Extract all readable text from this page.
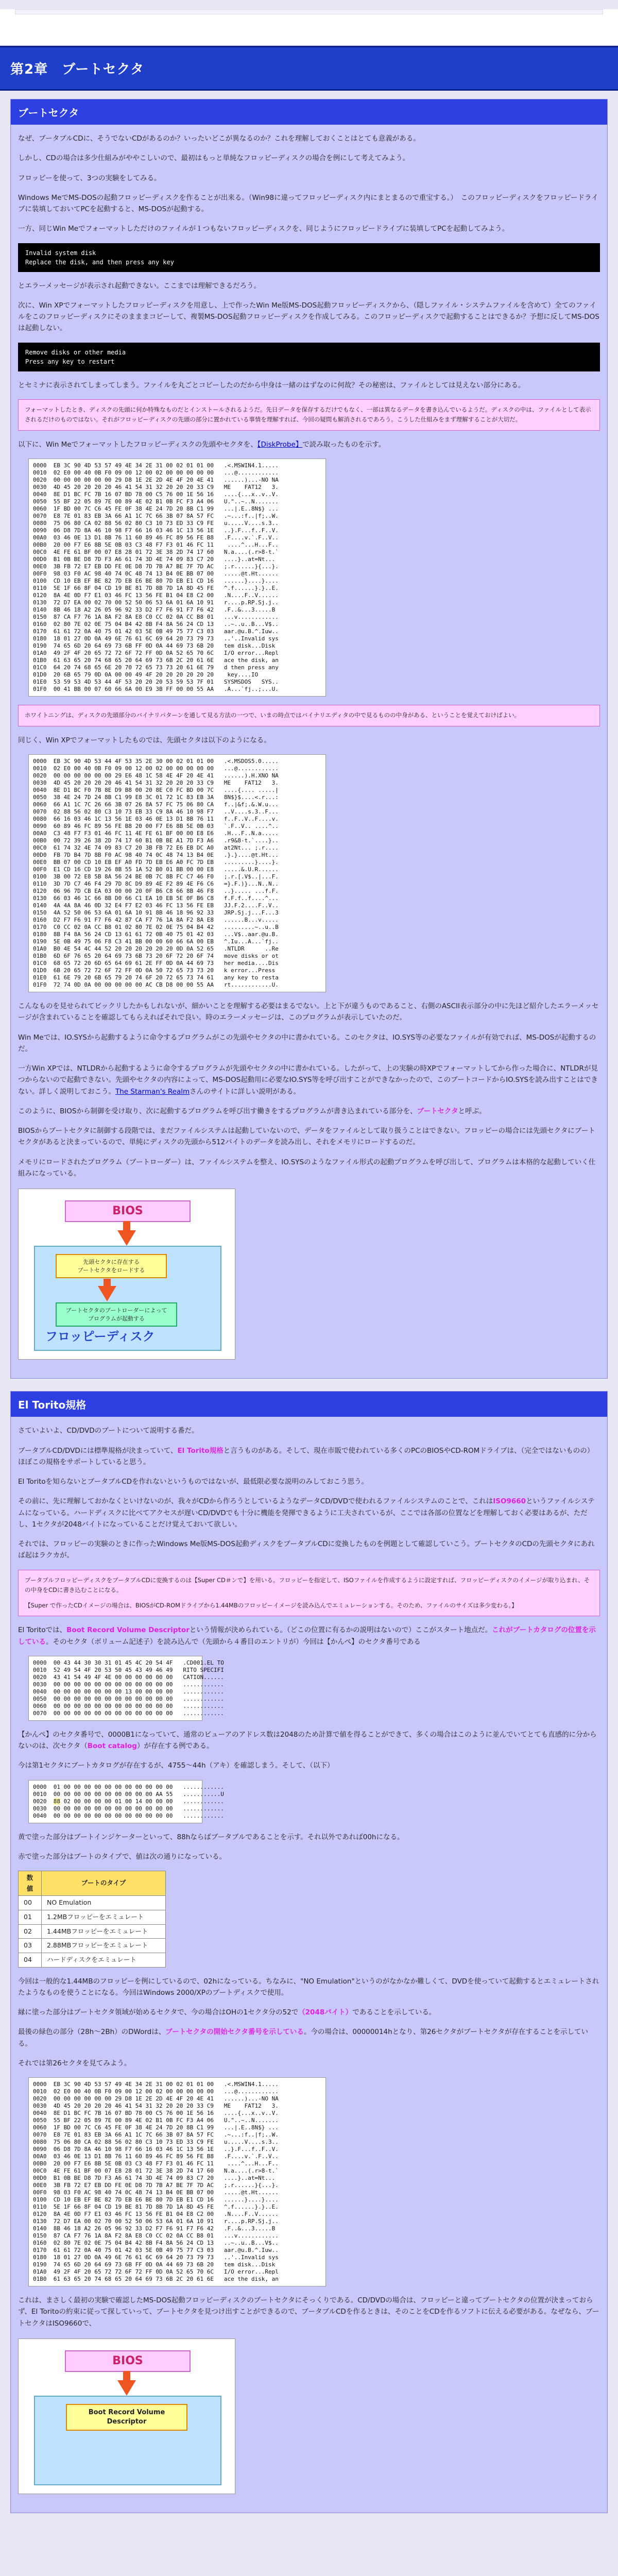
第2章　ブートセクタ
ブートセクタ

なぜ、ブータブルCDに、そうでないCDがあるのか？いったいどこが異なるのか？これを理解しておくことはとても意義がある。

しかし、CDの場合は多少仕組みがややこしいので、最初はもっと単純なフロッピーディスクの場合を例にして考えてみよう。

フロッピーを使って、3つの実験をしてみる。

Windows MeでMS-DOSの起動フロッピーディスクを作ることが出来る。（Win98に違ってフロッピーディスク内にまとまるので重宝する。）　このフロッピーディスクをフロッピードライブに装填しておいてPCを起動すると、MS-DOSが起動する。

一方、同じWin Meでフォーマットしただけのファイルが１つもないフロッピーディスクを、同じようにフロッピードライブに装填してPCを起動してみよう。

Invalid system disk
Replace the disk, and then press any key

とエラーメッセージが表示され起動できない。ここまでは理解できるだろう。

次に、Win XPでフォーマットしたフロッピーディスクを用意し、上で作ったWin Me版MS-DOS起動フロッピーディスクから、（隠しファイル・システムファイルを含めて）全てのファイルをこのフロッピーディスクにそのまままコピーして、複製MS-DOS起動フロッピーディスクを作成してみる。このフロッピーディスクで起動することはできるか？予想に反してMS-DOSは起動しない。

Remove disks or other media
Press any key to restart

とセミナに表示されてしまってしまう。ファイルを丸ごとコピーしたのだから中身は一緒のはずなのに何故？その秘密は、ファイルとしては見えない部分にある。

フォーマットしたとき、ディスクの先頭に何か特殊なものだとインストールされるようだ。先日データを保存するだけでもなく、一部は異なるデータを書き込んでいるようだ。ディスクの中は、ファイルとして表示されるだけのものではない。それがフロッピーディスクの先頭の部分に置かれている事情を理解すれば、今回の疑問も解消されるであろう。こうした仕組みをまず理解することが大切だ。

以下に、Win Meでフォーマットしたフロッピーディスクの先頭やセクタを、【DiskProbe】で読み取ったものを示す。

0000  EB 3C 90 4D 53 57 49 4E 34 2E 31 00 02 01 01 00   .<.MSWIN4.1.....
0010  02 E0 00 40 0B F0 09 00 12 00 02 00 00 00 00 00   ...@............
0020  00 00 00 00 00 00 29 D8 1E 2E 2D 4E 4F 20 4E 41   ......)...-NO NA
0030  4D 45 20 20 20 20 46 41 54 31 32 20 20 20 33 C9   ME    FAT12   3.
0040  8E D1 BC FC 7B 16 07 BD 78 00 C5 76 00 1E 56 16   ....{...x..v..V.
0050  55 BF 22 05 89 7E 00 89 4E 02 B1 0B FC F3 A4 06   U."..~..N.......
0060  1F BD 00 7C C6 45 FE 0F 38 4E 24 7D 20 8B C1 99   ...|.E..8N$} ...
0070  E8 7E 01 83 EB 3A 66 A1 1C 7C 66 3B 07 8A 57 FC   .~...:f..|f;..W.
0080  75 06 80 CA 02 88 56 02 80 C3 10 73 ED 33 C9 FE   u.....V....s.3..
0090  06 D8 7D 8A 46 10 98 F7 66 16 03 46 1C 13 56 1E   ..}.F...f..F..V.
00A0  03 46 0E 13 D1 8B 76 11 60 89 46 FC 89 56 FE B8   .F....v.`.F..V..
00B0  20 00 F7 E6 8B 5E 0B 03 C3 48 F7 F3 01 46 FC 11    ....^...H...F..
00C0  4E FE 61 BF 00 07 E8 28 01 72 3E 38 2D 74 17 60   N.a....(.r>8-t.`
00D0  B1 0B BE D8 7D F3 A6 61 74 3D 4E 74 09 83 C7 20   ....}..at=Nt...
00E0  3B FB 72 E7 EB DD FE 0E D8 7D 7B A7 BE 7F 7D AC   ;.r......}{...}.
00F0  98 03 F0 AC 98 40 74 0C 48 74 13 B4 0E BB 07 00   .....@t.Ht......
0100  CD 10 EB EF BE 82 7D EB E6 BE 80 7D EB E1 CD 16   ......}....}....
0110  5E 1F 66 8F 04 CD 19 BE 81 7D 8B 7D 1A 8D 45 FE   ^.f......}.}..E.
0120  8A 4E 0D F7 E1 03 46 FC 13 56 FE B1 04 E8 C2 00   .N....F..V......
0130  72 D7 EA 00 02 70 00 52 50 06 53 6A 01 6A 10 91   r....p.RP.Sj.j..
0140  8B 46 18 A2 26 05 96 92 33 D2 F7 F6 91 F7 F6 42   .F..&...3.....B
0150  87 CA F7 76 1A 8A F2 8A E8 C0 CC 02 0A CC B8 01   ...v............
0160  02 80 7E 02 0E 75 04 B4 42 8B F4 8A 56 24 CD 13   ..~..u..B...V$..
0170  61 61 72 0A 40 75 01 42 03 5E 0B 49 75 77 C3 03   aar.@u.B.^.Iuw..
0180  18 01 27 0D 0A 49 6E 76 61 6C 69 64 20 73 79 73   ..'..Invalid sys
0190  74 65 6D 20 64 69 73 6B FF 0D 0A 44 69 73 6B 20   tem disk...Disk
01A0  49 2F 4F 20 65 72 72 6F 72 FF 0D 0A 52 65 70 6C   I/O error...Repl
01B0  61 63 65 20 74 68 65 20 64 69 73 6B 2C 20 61 6E   ace the disk, an
01C0  64 20 74 68 65 6E 20 70 72 65 73 73 20 61 6E 79   d then press any
01D0  20 6B 65 79 0D 0A 00 00 49 4F 20 20 20 20 20 20    key....IO
01E0  53 59 53 4D 53 44 4F 53 20 20 20 53 59 53 7F 01   SYSMSDOS   SYS..
01F0  00 41 BB 00 07 60 66 6A 00 E9 3B FF 00 00 55 AA   .A...`fj..;...U.
ホワイトニングは、ディスクの先頭部分のバイナリパターンを通して見る方法の一つで、いまの時点ではバイナリエディタの中で見るものの中身がある、ということを覚えておけばよい。

同じく、Win XPでフォーマットしたものでは、先頭セクタは以下のようになる。

0000  EB 3C 90 4D 53 44 4F 53 35 2E 30 00 02 01 01 00   .<.MSDOS5.0.....
0010  02 E0 00 40 0B F0 09 00 12 00 02 00 00 00 00 00   ...@............
0020  00 00 00 00 00 00 29 E6 48 1C 58 4E 4F 20 4E 41   ......).H.XNO NA
0030  4D 45 20 20 20 20 46 41 54 31 32 20 20 20 33 C9   ME    FAT12   3.
0040  8E D1 BC F0 7B 8E D9 B8 00 20 8E C0 FC BD 00 7C   ....{.... .....|
0050  38 4E 24 7D 24 8B C1 99 E8 3C 01 72 1C 83 EB 3A   8N$}$....<.r...:
0060  66 A1 1C 7C 26 66 3B 07 26 8A 57 FC 75 06 80 CA   f..|&f;.&.W.u...
0070  02 88 56 02 80 C3 10 73 EB 33 C9 8A 46 10 98 F7   ..V....s.3..F...
0080  66 16 03 46 1C 13 56 1E 03 46 0E 13 D1 8B 76 11   f..F..V..F....v.
0090  60 89 46 FC 89 56 FE B8 20 00 F7 E6 8B 5E 0B 03   `.F..V.. ....^..
00A0  C3 48 F7 F3 01 46 FC 11 4E FE 61 BF 00 00 E8 E6   .H...F..N.a.....
00B0  00 72 39 26 38 2D 74 17 60 B1 0B BE A1 7D F3 A6   .r9&8-t.`....}..
00C0  61 74 32 4E 74 09 83 C7 20 3B FB 72 E6 EB DC A0   at2Nt... ;.r....
00D0  FB 7D B4 7D 8B F0 AC 98 40 74 0C 48 74 13 B4 0E   .}.}....@t.Ht...
00E0  BB 07 00 CD 10 EB EF A0 FD 7D EB E6 A0 FC 7D EB   .........}....}.
00F0  E1 CD 16 CD 19 26 8B 55 1A 52 B0 01 BB 00 00 E8   .....&.U.R......
0100  3B 00 72 E8 5B 8A 56 24 BE 0B 7C 8B FC C7 46 F0   ;.r.[.V$..|...F.
0110  3D 7D C7 46 F4 29 7D 8C D9 89 4E F2 89 4E F6 C6   =}.F.)}...N..N..
0120  06 96 7D CB EA 03 00 00 20 0F B6 C8 66 8B 46 F8   ..}..... ...f.F.
0130  66 03 46 1C 66 8B D0 66 C1 EA 10 EB 5E 0F B6 C8   f.F.f..f....^...
0140  4A 4A 8A 46 0D 32 E4 F7 E2 03 46 FC 13 56 FE EB   JJ.F.2....F..V..
0150  4A 52 50 06 53 6A 01 6A 10 91 8B 46 18 96 92 33   JRP.Sj.j...F...3
0160  D2 F7 F6 91 F7 F6 42 87 CA F7 76 1A 8A F2 8A E8   ......B...v.....
0170  C0 CC 02 0A CC B8 01 02 80 7E 02 0E 75 04 B4 42   .........~..u..B
0180  8B F4 8A 56 24 CD 13 61 61 72 0B 40 75 01 42 03   ...V$..aar.@u.B.
0190  5E 0B 49 75 06 F8 C3 41 BB 00 00 60 66 6A 00 EB   ^.Iu...A...`fj..
01A0  B0 4E 54 4C 44 52 20 20 20 20 20 20 0D 0A 52 65   .NTLDR      ..Re
01B0  6D 6F 76 65 20 64 69 73 6B 73 20 6F 72 20 6F 74   move disks or ot
01C0  68 65 72 20 6D 65 64 69 61 2E FF 0D 0A 44 69 73   her media....Dis
01D0  6B 20 65 72 72 6F 72 FF 0D 0A 50 72 65 73 73 20   k error...Press
01E0  61 6E 79 20 6B 65 79 20 74 6F 20 72 65 73 74 61   any key to resta
01F0  72 74 0D 0A 00 00 00 00 00 AC CB D8 00 00 55 AA   rt............U.

こんなものを見せられてビックリしたかもしれないが、細かいことを理解する必要はまるでない。上と下が違うものであること、右側のASCII表示部分の中に先ほど紹介したエラーメッセージが含まれていることを確認してもらえればそれで良い。時のエラーメッセージは、このプログラムが表示していたのだ。

Win Meでは、IO.SYSから起動するように命令するプログラムがこの先頭やセクタの中に書かれている。このセクタは、IO.SYS等の必要なファイルが有効でれば、MS-DOSが起動するのだ。

一方Win XPでは、NTLDRから起動するように命令するプログラムが先頭やセクタの中に書かれている。したがって、上の実験の時XPでフォーマットしてから作った場合に、NTLDRが見つからないので起動できない。先頭やセクタの内容によって、MS-DOS起動用に必要なIO.SYS等を呼び出すことができなかったので、このブートコードからIO.SYSを読み出すことはできない。詳しく説明しておこう。The Starman's Realmさんのサイトに詳しい説明がある。

このように、BIOSから制御を受け取り、次に起動するプログラムを呼び出す働きをするプログラムが書き込まれている部分を、ブートセクタと呼ぶ。

BIOSからブートセクタに制御する段階では、まだファイルシステムは起動していないので、データをファイルとして取り扱うことはできない。フロッピーの場合には先頭セクタにブートセクタがあると決まっているので、単純にディスクの先頭から512バイトのデータを読み出し、それをメモリにロードするのだ。

メモリにロードされたプログラム（ブートローダー）は、ファイルシステムを整え、IO.SYSのようなファイル形式の起動プログラムを呼び出して、プログラムは本格的な起動していく仕組みになっている。

BIOS
先頭セクタに存在する
ブートセクタをロードする
ブートセクタのブートローダーによって
プログラムが起動する
フロッピーディスク
El Torito規格

さていよいよ、CD/DVDのブートについて説明する番だ。

ブータブルCD/DVDには標準規格が決まっていて、El Torito規格と言うものがある。そして、現在市販で使われている多くのPCのBIOSやCD-ROMドライブは、（完全ではないものの）ほぼこの規格をサポートしていると思う。

El Toritoを知らないとブータブルCDを作れないというものではないが、最低限必要な説明のみしておこう思う。

その前に、先に理解しておかなくといけないのが、我々がCDから作ろうとしているようなデータCD/DVDで使われるファイルシステムのことで、これはISO9660というファイルシステムになっている。ハードディスクに比べてアクセスが遅いCD/DVDでも十分に機能を発揮できるように工夫されているが、ここでは各部の位置などを理解しておく必要はあるが、ただし、1セクタが2048バイトになっていることだけ覚えておいて欲しい。

それでは、フロッピーの実験のときに作ったWindows Me版MS-DOS起動ディスクをブータブルCDに変換したものを例題として確認していこう。ブートセクタのCDの先頭セクタにあれば起はラクカが。

ブータブルフロッピーディスクをブータブルCDに変換するのは【Super CD＃ンで】を用いる。フロッピーを指定して、ISOファイルを作成するように設定すれば、フロッピーディスクのイメージが取り込まれ、その中身をCDに書き込むことになる。
【Super で作ったCDイメージの場合は、BIOSがCD-ROMドライブから1.44MBのフロッピーイメージを読み込んでエミュレーションする。そのため、ファイルのサイズは多少変わる。】

El Toritoでは、Boot Record Volume Descriptorという情報が決められている。（どこの位置に有るかの説明はないので）ここがスタート地点だ。これがブートカタログの位置を示している。そのセクタ（ボリューム記述子）を読み込んで（先頭から４番目のエントリが）今回は【かんぺ】のセクタ番号である

0000  00 43 44 30 30 31 01 45 4C 20 54 4F   .CD001.EL TO
0010  52 49 54 4F 20 53 50 45 43 49 46 49   RITO SPECIFI
0020  43 41 54 49 4F 4E 00 00 00 00 00 00   CATION......
0030  00 00 00 00 00 00 00 00 00 00 00 00   ............
0040  00 00 00 00 00 00 00 13 00 00 00 00   ............
0050  00 00 00 00 00 00 00 00 00 00 00 00   ............
0060  00 00 00 00 00 00 00 00 00 00 00 00   ............
0070  00 00 00 00 00 00 00 00 00 00 00 00   ............

【かんぺ】のセクタ番号で、0000B1になっていて、通常のビューアのアドレス数は2048のため計算で値を得ることができて、多くの場合はこのように並んでいてとても直感的に分からないのは、次セクタ（Boot catalog）が存在する例である。

今は第1セクタにブートカタログが存在するが、4755〜44h（アキ）を確認しまう。そして、（以下）

0000  01 00 00 00 00 00 00 00 00 00 00 00   ............
0010  00 00 00 00 00 00 00 00 00 00 AA 55   ...........U
0020  88 02 00 00 00 00 01 00 14 00 00 00   ............
0030  00 00 00 00 00 00 00 00 00 00 00 00   ............
0040  00 00 00 00 00 00 00 00 00 00 00 00   ............

黄で塗った部分はブートインジケーターといって、88hならばブータブルであることを示す。それ以外であれば00hになる。

赤で塗った部分はブートのタイプで、値は次の通りになっている。

数値	ブートのタイプ
00	NO Emulation
01	1.2MBフロッピーをエミュレート
02	1.44MBフロッピーをエミュレート
03	2.88MBフロッピーをエミュレート
04	ハードディスクをエミュレート

今回は一般的な1.44MBのフロッピーを例にしているので、02hになっている。ちなみに、"NO Emulation"というのがなかなか難しくて、DVDを使っていて起動するとエミュレートされたようなものを使うことになる。今回はWindows 2000/XPのブートディスクで使用。

縁に塗った部分はブートセクタ領域が始めるセクタで、今の場合はOHの1セクタ分の52で（2048バイト）であることを示している。

最後の緑色の部分（28h〜2Bh）のDWordは、ブートセクタの開始セクタ番号を示している。今の場合は、00000014hとなり、第26セクタがブートセクタが存在することを示している。

それでは第26セクタを見てみよう。

0000  EB 3C 90 4D 53 57 49 4E 34 2E 31 00 02 01 01 00   .<.MSWIN4.1.....
0010  02 E0 00 40 0B F0 09 00 12 00 02 00 00 00 00 00   ...@............
0020  00 00 00 00 00 00 29 D8 1E 2E 2D 4E 4F 20 4E 41   ......)...-NO NA
0030  4D 45 20 20 20 20 46 41 54 31 32 20 20 20 33 C9   ME    FAT12   3.
0040  8E D1 BC FC 7B 16 07 BD 78 00 C5 76 00 1E 56 16   ....{...x..v..V.
0050  55 BF 22 05 89 7E 00 89 4E 02 B1 0B FC F3 A4 06   U."..~..N.......
0060  1F BD 00 7C C6 45 FE 0F 38 4E 24 7D 20 8B C1 99   ...|.E..8N$} ...
0070  E8 7E 01 83 EB 3A 66 A1 1C 7C 66 3B 07 8A 57 FC   .~...:f..|f;..W.
0080  75 06 80 CA 02 88 56 02 80 C3 10 73 ED 33 C9 FE   u.....V....s.3..
0090  06 D8 7D 8A 46 10 98 F7 66 16 03 46 1C 13 56 1E   ..}.F...f..F..V.
00A0  03 46 0E 13 D1 8B 76 11 60 89 46 FC 89 56 FE B8   .F....v.`.F..V..
00B0  20 00 F7 E6 8B 5E 0B 03 C3 48 F7 F3 01 46 FC 11    ....^...H...F..
00C0  4E FE 61 BF 00 07 E8 28 01 72 3E 38 2D 74 17 60   N.a....(.r>8-t.`
00D0  B1 0B BE D8 7D F3 A6 61 74 3D 4E 74 09 83 C7 20   ....}..at=Nt...
00E0  3B FB 72 E7 EB DD FE 0E D8 7D 7B A7 BE 7F 7D AC   ;.r......}{...}.
00F0  98 03 F0 AC 98 40 74 0C 48 74 13 B4 0E BB 07 00   .....@t.Ht......
0100  CD 10 EB EF BE 82 7D EB E6 BE 80 7D EB E1 CD 16   ......}....}....
0110  5E 1F 66 8F 04 CD 19 BE 81 7D 8B 7D 1A 8D 45 FE   ^.f......}.}..E.
0120  8A 4E 0D F7 E1 03 46 FC 13 56 FE B1 04 E8 C2 00   .N....F..V......
0130  72 D7 EA 00 02 70 00 52 50 06 53 6A 01 6A 10 91   r....p.RP.Sj.j..
0140  8B 46 18 A2 26 05 96 92 33 D2 F7 F6 91 F7 F6 42   .F..&...3.....B
0150  87 CA F7 76 1A 8A F2 8A E8 C0 CC 02 0A CC B8 01   ...v............
0160  02 80 7E 02 0E 75 04 B4 42 8B F4 8A 56 24 CD 13   ..~..u..B...V$..
0170  61 61 72 0A 40 75 01 42 03 5E 0B 49 75 77 C3 03   aar.@u.B.^.Iuw..
0180  18 01 27 0D 0A 49 6E 76 61 6C 69 64 20 73 79 73   ..'..Invalid sys
0190  74 65 6D 20 64 69 73 6B FF 0D 0A 44 69 73 6B 20   tem disk...Disk
01A0  49 2F 4F 20 65 72 72 6F 72 FF 0D 0A 52 65 70 6C   I/O error...Repl
01B0  61 63 65 20 74 68 65 20 64 69 73 6B 2C 20 61 6E   ace the disk, an

これは、まさしく最初の実験で確認したMS-DOS起動フロッピーディスクのブートセクタにそっくりである。CD/DVDの場合は、フロッピーと違ってブートセクタの位置が決まっておらず、El Toritoの約束に従って探していって、ブートセクタを見つけ出すことができるので、ブータブルCDを作るときは、そのことをCDを作るソフトに伝える必要がある。なぜなら、ブートセクタはISO9660で、

BIOS
Boot Record Volume Descriptor
